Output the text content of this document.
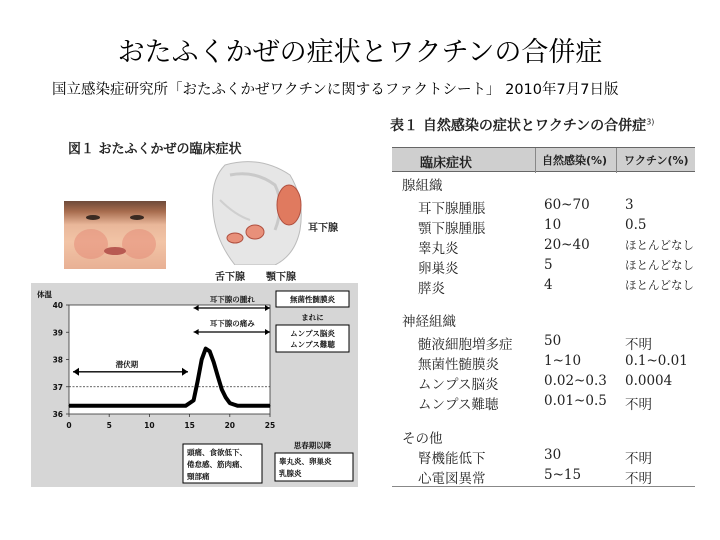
おたふくかぜの症状とワクチンの合併症
国立感染症研究所「おたふくかぜワクチンに関するファクトシート」 2010年7月7日版
図１ おたふくかぜの臨床症状
耳下腺
舌下腺 顎下腺
36
37
38
39
40
0	5	10	15	20	25
体温
潜伏期
耳下腺の腫れ
耳下腺の痛み
無菌性髄膜炎
まれに
ムンプス脳炎
ムンプス難聴
頭痛、食欲低下、
倦怠感、筋肉痛、
頸部痛
思春期以降
睾丸炎、卵巣炎
乳腺炎
表１ 自然感染の症状とワクチンの合併症$^{3)}$
臨床症状	自然感染(%) ワクチン(%)
腺組織
耳下腺腫脹	60~70	3
顎下腺腫脹	10	0.5
睾丸炎	20~40	ほとんどなし
卵巣炎	5	ほとんどなし
膵炎	4	ほとんどなし
神経組織
髄液細胞増多症 50	不明
無菌性髄膜炎	1~10	0.1~0.01
ムンプス脳炎	0.02~0.3 0.0004
ムンプス難聴	0.01~0.5 不明
その他
腎機能低下	30	不明
心電図異常	5~15	不明
